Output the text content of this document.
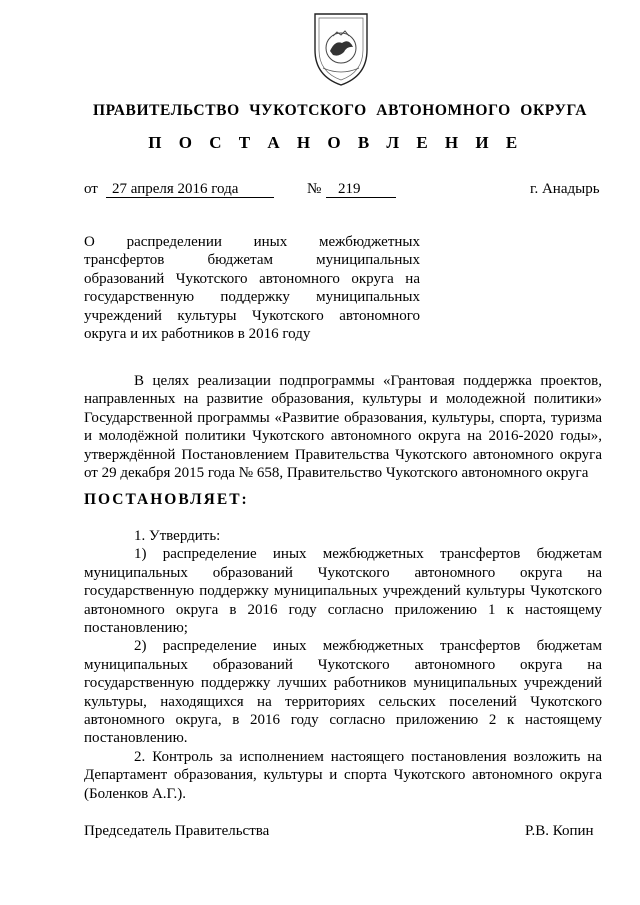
ПРАВИТЕЛЬСТВО ЧУКОТСКОГО АВТОНОМНОГО ОКРУГА
П О С Т А Н О В Л Е Н И Е
от 27 апреля 2016 года	№	219	г. Анадырь
О распределении иных межбюджетных трансфертов бюджетам муниципальных образований Чукотского автономного округа на государственную поддержку муниципальных учреждений культуры Чукотского автономного округа и их работников в 2016 году

В целях реализации подпрограммы «Грантовая поддержка проектов, направленных на развитие образования, культуры и молодежной политики» Государственной программы «Развитие образования, культуры, спорта, туризма и молодёжной политики Чукотского автономного округа на 2016-2020 годы», утверждённой Постановлением Правительства Чукотского автономного округа от 29 декабря 2015 года № 658, Правительство Чукотского автономного округа

ПОСТАНОВЛЯЕТ:

1. Утвердить:

1) распределение иных межбюджетных трансфертов бюджетам муниципальных образований Чукотского автономного округа на государственную поддержку муниципальных учреждений культуры Чукотского автономного округа в 2016 году согласно приложению 1 к настоящему постановлению;

2) распределение иных межбюджетных трансфертов бюджетам муниципальных образований Чукотского автономного округа на государственную поддержку лучших работников муниципальных учреждений культуры, находящихся на территориях сельских поселений Чукотского автономного округа, в 2016 году согласно приложению 2 к настоящему постановлению.

2. Контроль за исполнением настоящего постановления возложить на Департамент образования, культуры и спорта Чукотского автономного округа (Боленков А.Г.).

Председатель Правительства	Р.В. Копин
